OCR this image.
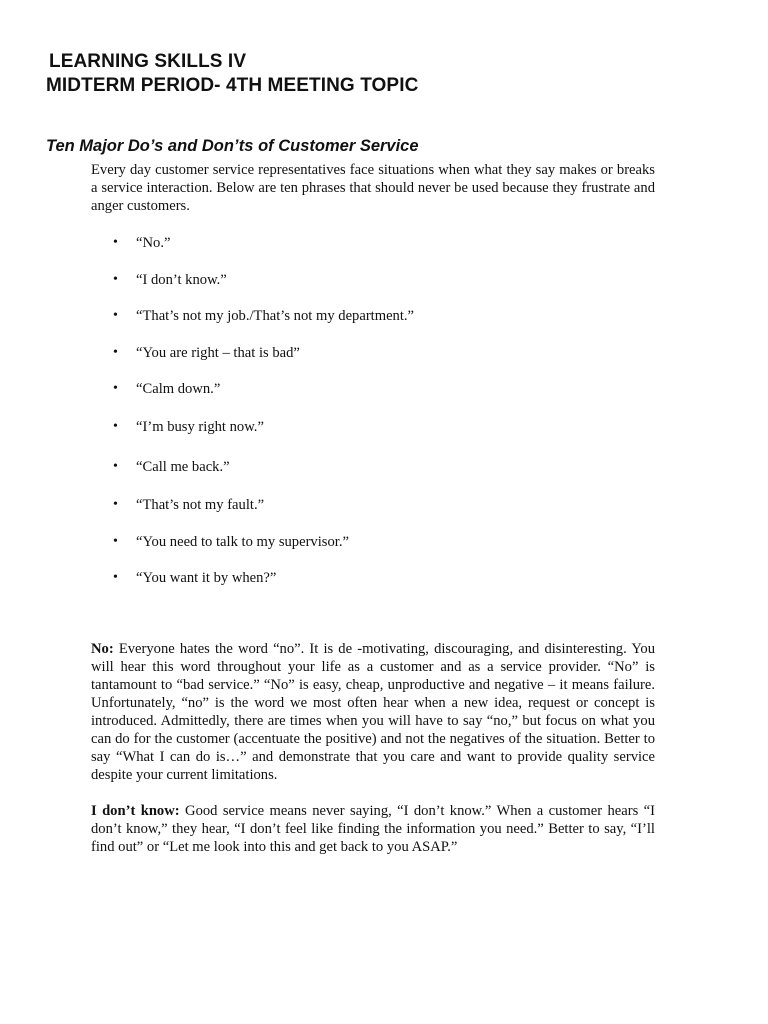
LEARNING SKILLS IV
MIDTERM PERIOD- 4TH MEETING TOPIC
Ten Major Do’s and Don’ts of Customer Service

Every day customer service representatives face situations when what they say makes or breaks a service interaction. Below are ten phrases that should never be used because they frustrate and anger customers.

• “No.”
• “I don’t know.”
• “That’s not my job./That’s not my department.”
• “You are right – that is bad”
• “Calm down.”
• “I’m busy right now.”
• “Call me back.”
• “That’s not my fault.”
• “You need to talk to my supervisor.”
• “You want it by when?”

No: Everyone hates the word “no”. It is de -motivating, discouraging, and disinteresting. You will hear this word throughout your life as a customer and as a service provider. “No” is tantamount to “bad service.” “No” is easy, cheap, unproductive and negative – it means failure. Unfortunately, “no” is the word we most often hear when a new idea, request or concept is introduced. Admittedly, there are times when you will have to say “no,” but focus on what you can do for the customer (accentuate the positive) and not the negatives of the situation. Better to say “What I can do is…” and demonstrate that you care and want to provide quality service despite your current limitations.

I don’t know: Good service means never saying, “I don’t know.” When a customer hears “I don’t know,” they hear, “I don’t feel like finding the information you need.” Better to say, “I’ll find out” or “Let me look into this and get back to you ASAP.”
